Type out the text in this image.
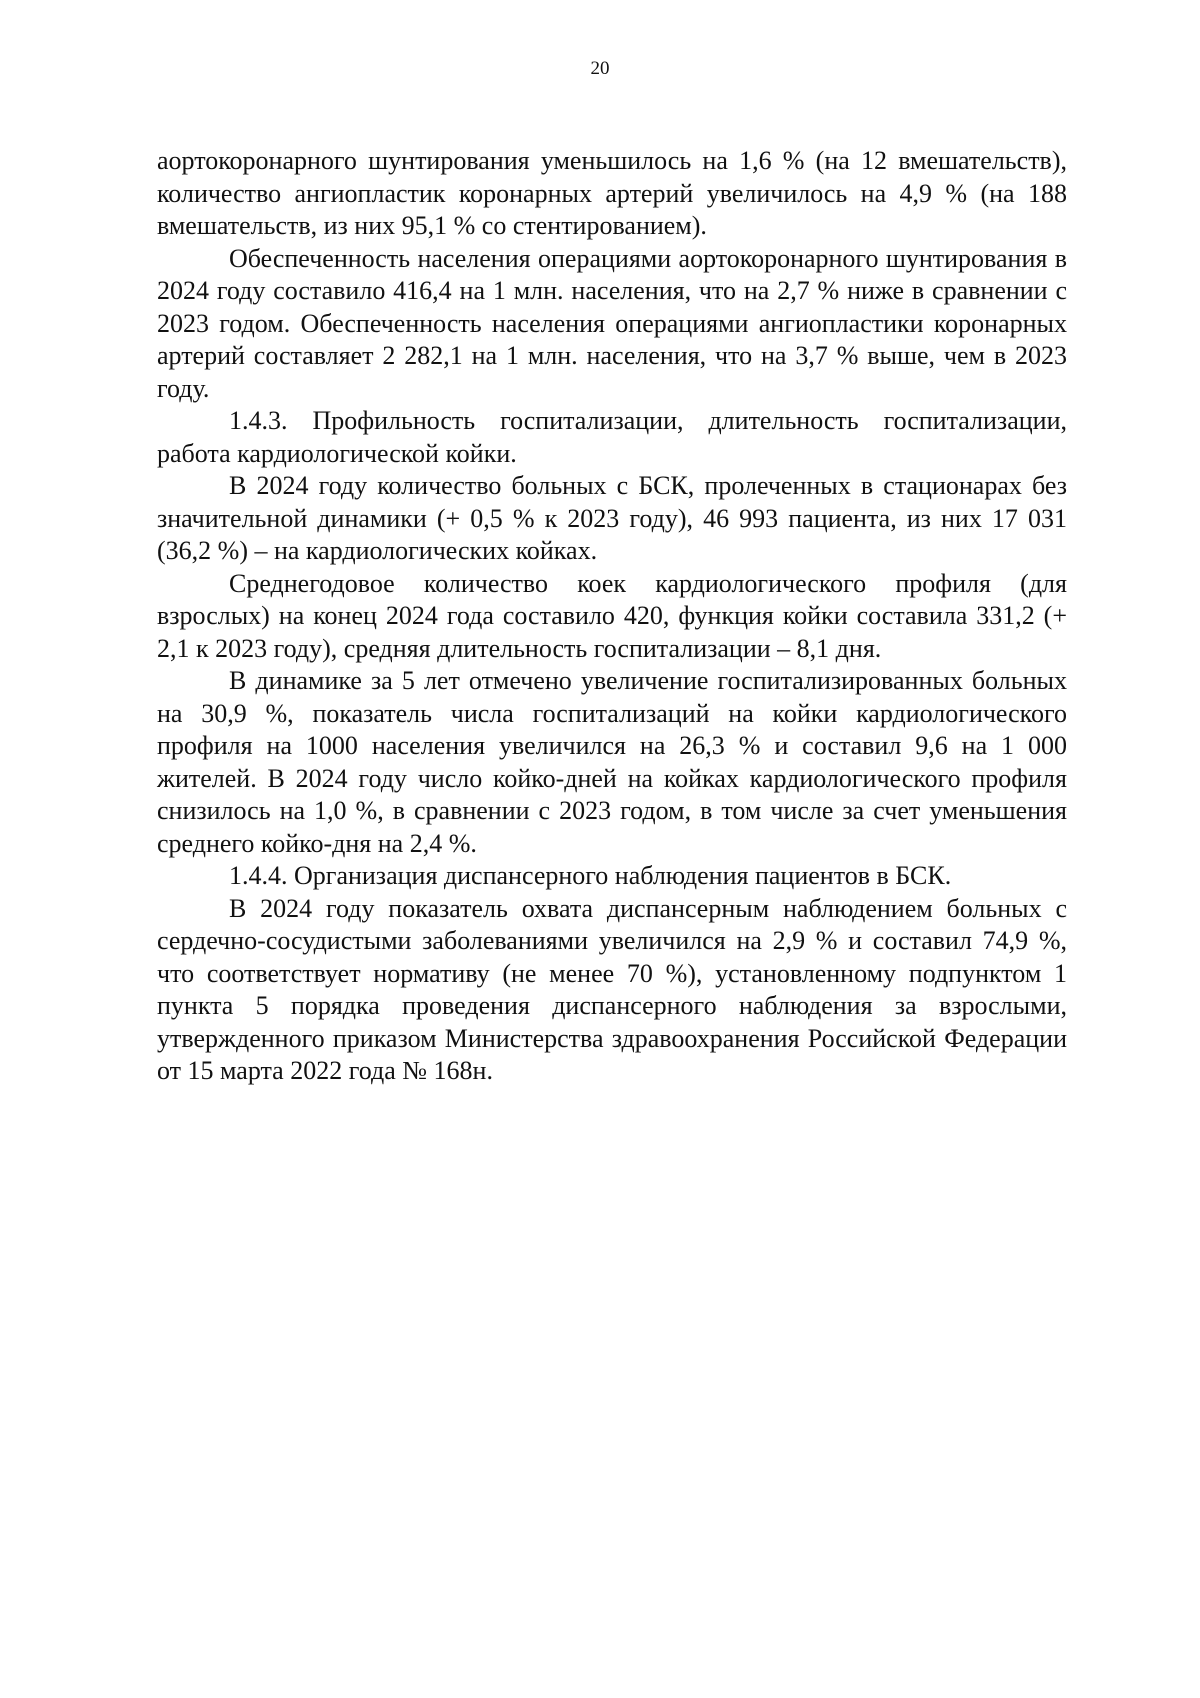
20

аортокоронарного шунтирования уменьшилось на 1,6 % (на 12 вмешательств), количество ангиопластик коронарных артерий увеличилось на 4,9 % (на 188 вмешательств, из них 95,1 % со стентированием).

Обеспеченность населения операциями аортокоронарного шунтирования в 2024 году составило 416,4 на 1 млн. населения, что на 2,7 % ниже в сравнении с 2023 годом. Обеспеченность населения операциями ангиопластики коронарных артерий составляет 2 282,1 на 1 млн. населения, что на 3,7 % выше, чем в 2023 году.

1.4.3. Профильность госпитализации, длительность госпитализации, работа кардиологической койки.

В 2024 году количество больных с БСК, пролеченных в стационарах без значительной динамики (+ 0,5 % к 2023 году), 46 993 пациента, из них 17 031 (36,2 %) – на кардиологических койках.

Среднегодовое количество коек кардиологического профиля (для взрослых) на конец 2024 года составило 420, функция койки составила 331,2 (+ 2,1 к 2023 году), средняя длительность госпитализации – 8,1 дня.

В динамике за 5 лет отмечено увеличение госпитализированных больных на 30,9 %, показатель числа госпитализаций на койки кардиологического профиля на 1000 населения увеличился на 26,3 % и составил 9,6 на 1 000 жителей. В 2024 году число койко-дней на койках кардиологического профиля снизилось на 1,0 %, в сравнении с 2023 годом, в том числе за счет уменьшения среднего койко-дня на 2,4 %.

1.4.4. Организация диспансерного наблюдения пациентов в БСК.

В 2024 году показатель охвата диспансерным наблюдением больных с сердечно-сосудистыми заболеваниями увеличился на 2,9 % и составил 74,9 %, что соответствует нормативу (не менее 70 %), установленному подпунктом 1 пункта 5 порядка проведения диспансерного наблюдения за взрослыми, утвержденного приказом Министерства здравоохранения Российской Федерации от 15 марта 2022 года № 168н.
